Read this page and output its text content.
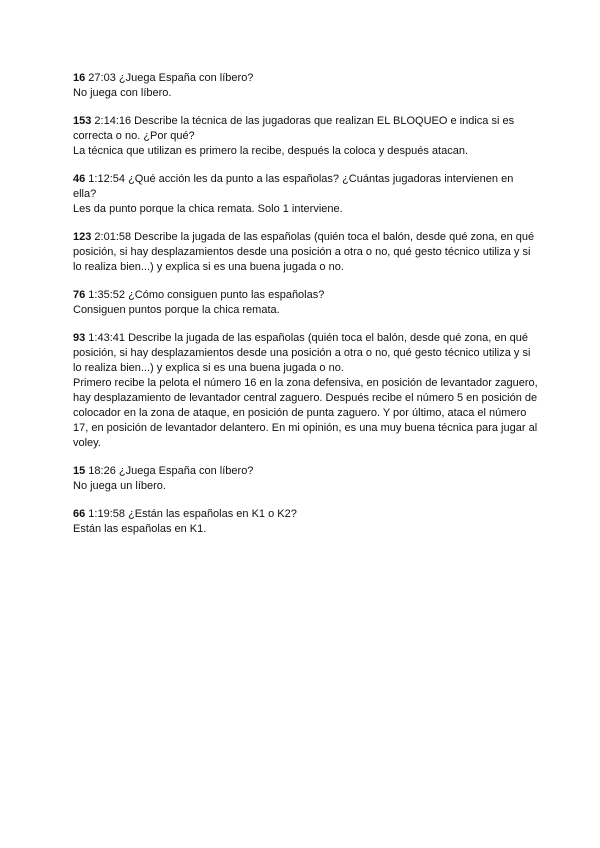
16 27:03 ¿Juega España con líbero?

No juega con líbero.

153 2:14:16 Describe la técnica de las jugadoras que realizan EL BLOQUEO e indica si es correcta o no. ¿Por qué?

La técnica que utilizan es primero la recibe, después la coloca y después atacan.

46 1:12:54 ¿Qué acción les da punto a las españolas? ¿Cuántas jugadoras intervienen en ella?

Les da punto porque la chica remata. Solo 1 interviene.

123 2:01:58 Describe la jugada de las españolas (quién toca el balón, desde qué zona, en qué posición, si hay desplazamientos desde una posición a otra o no, qué gesto técnico utiliza y si lo realiza bien...) y explica si es una buena jugada o no.

76 1:35:52 ¿Cómo consiguen punto las españolas?

Consiguen puntos porque la chica remata.

93 1:43:41 Describe la jugada de las españolas (quién toca el balón, desde qué zona, en qué posición, si hay desplazamientos desde una posición a otra o no, qué gesto técnico utiliza y si lo realiza bien...) y explica si es una buena jugada o no.

Primero recibe la pelota el número 16 en la zona defensiva, en posición de levantador zaguero, hay desplazamiento de levantador central zaguero. Después recibe el número 5 en posición de colocador en la zona de ataque, en posición de punta zaguero. Y por último, ataca el número 17, en posición de levantador delantero. En mi opinión, es una muy buena técnica para jugar al voley.

15 18:26 ¿Juega España con líbero?

No juega un líbero.

66 1:19:58 ¿Están las españolas en K1 o K2?

Están las españolas en K1.
